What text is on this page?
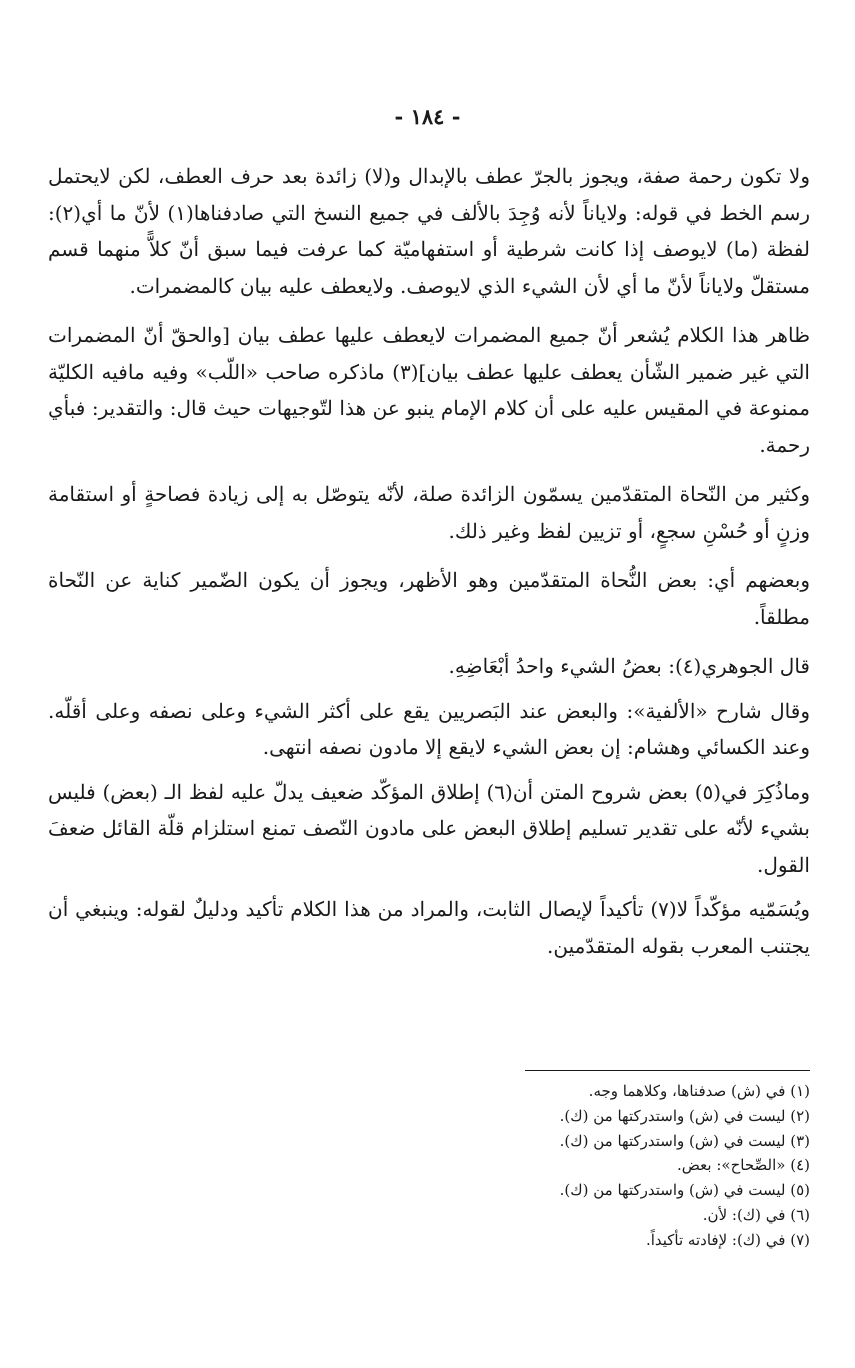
- ١٨٤ -

ولا تكون رحمة صفة، ويجوز بالجرّ عطف بالإبدال و(لا) زائدة بعد حرف العطف، لكن لايحتمل رسم الخط في قوله: ولاياناً لأنه وُجِدَ بالألف في جميع النسخ التي صادفناها(١) لأنّ ما أي(٢): لفظة (ما) لايوصف إذا كانت شرطية أو استفهاميّة كما عرفت فيما سبق أنّ كلاًّ منهما قسم مستقلّ ولاياناً لأنّ ما أي لأن الشيء الذي لايوصف. ولايعطف عليه بيان كالمضمرات.

ظاهر هذا الكلام يُشعر أنّ جميع المضمرات لايعطف عليها عطف بيان [والحقّ أنّ المضمرات التي غير ضمير الشّأن يعطف عليها عطف بيان](٣) ماذكره صاحب «اللّب» وفيه مافيه الكليّة ممنوعة في المقيس عليه على أن كلام الإمام ينبو عن هذا لتّوجيهات حيث قال: والتقدير: فبأي رحمة.

وكثير من النّحاة المتقدّمين يسمّون الزائدة صلة، لأنّه يتوصّل به إلى زيادة فصاحةٍ أو استقامة وزنٍ أو حُسْنِ سجعٍ، أو تزيين لفظ وغير ذلك.

وبعضهم أي: بعض النُّحاة المتقدّمين وهو الأظهر، ويجوز أن يكون الضّمير كناية عن النّحاة مطلقاً.

قال الجوهري(٤): بعضُ الشيء واحدُ أبْعَاضِهِ.

وقال شارح «الألفية»: والبعض عند البَصريين يقع على أكثر الشيء وعلى نصفه وعلى أقلّه. وعند الكسائي وهشام: إن بعض الشيء لايقع إلا مادون نصفه انتهى.

وماذُكِرَ في(٥) بعض شروح المتن أن(٦) إطلاق المؤكّد ضعيف يدلّ عليه لفظ الـ (بعض) فليس بشيء لأنّه على تقدير تسليم إطلاق البعض على مادون النّصف تمنع استلزام قلّة القائل ضعفَ القول.

ويُسَمّيه مؤكّداً لا(٧) تأكيداً لإيصال الثابت، والمراد من هذا الكلام تأكيد ودليلٌ لقوله: وينبغي أن يجتنب المعرب بقوله المتقدّمين.

(١) في (ش) صدفناها، وكلاهما وجه.
(٢) ليست في (ش) واستدركتها من (ك).
(٣) ليست في (ش) واستدركتها من (ك).
(٤) «الصِّحاح»: بعض.
(٥) ليست في (ش) واستدركتها من (ك).
(٦) في (ك): لأن.
(٧) في (ك): لإفادته تأكيداً.
